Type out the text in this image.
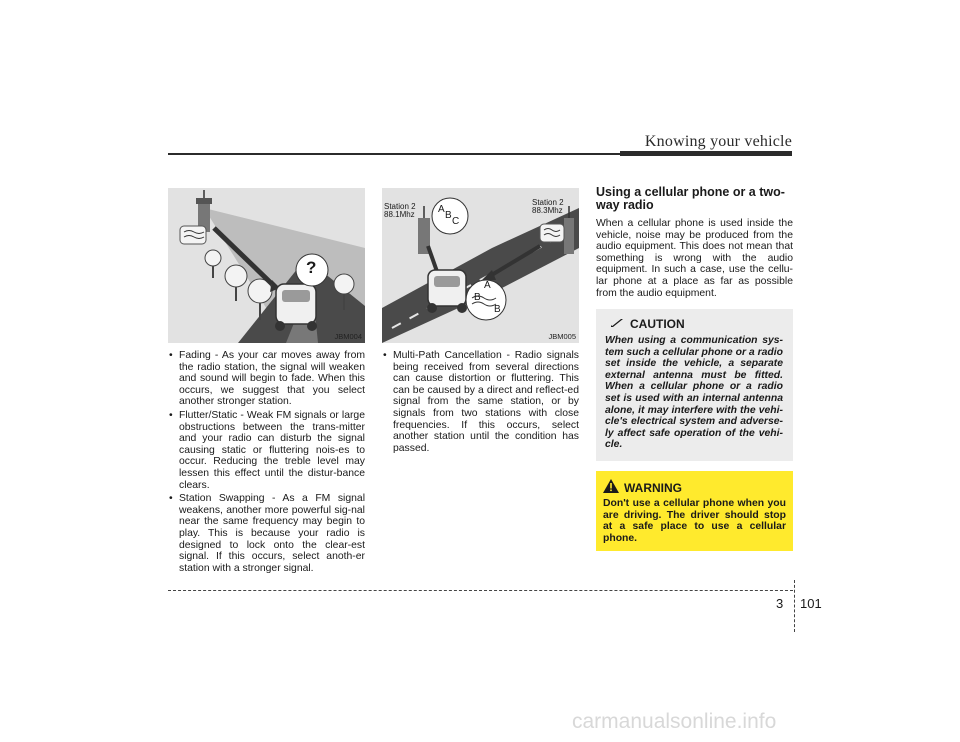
Knowing your vehicle
?
JBM004
Station 2
88.1Mhz
Station 2
88.3Mhz
A
B
C
A
B
B
JBM005
• Fading - As your car moves away from the radio station, the signal will weaken and sound will begin to fade. When this occurs, we suggest that you select another stronger station.
• Flutter/Static - Weak FM signals or large obstructions between the trans-mitter and your radio can disturb the signal causing static or fluttering nois-es to occur. Reducing the treble level may lessen this effect until the distur-bance clears.
• Station Swapping - As a FM signal weakens, another more powerful sig-nal near the same frequency may begin to play. This is because your radio is designed to lock onto the clear-est signal. If this occurs, select anoth-er station with a stronger signal.
• Multi-Path Cancellation - Radio signals being received from several directions can cause distortion or fluttering. This can be caused by a direct and reflect-ed signal from the same station, or by signals from two stations with close frequencies. If this occurs, select another station until the condition has passed.
Using a cellular phone or a two-way radio
When a cellular phone is used inside the vehicle, noise may be produced from the audio equipment. This does not mean that something is wrong with the audio equipment. In such a case, use the cellu-lar phone at a place as far as possible from the audio equipment.
CAUTION
When using a communication sys-tem such a cellular phone or a radio set inside the vehicle, a separate external antenna must be fitted. When a cellular phone or a radio set is used with an internal antenna alone, it may interfere with the vehi-cle's electrical system and adverse-ly affect safe operation of the vehi-cle.
WARNING
Don't use a cellular phone when you are driving. The driver should stop at a safe place to use a cellular phone.
3 101
carmanualsonline.info
